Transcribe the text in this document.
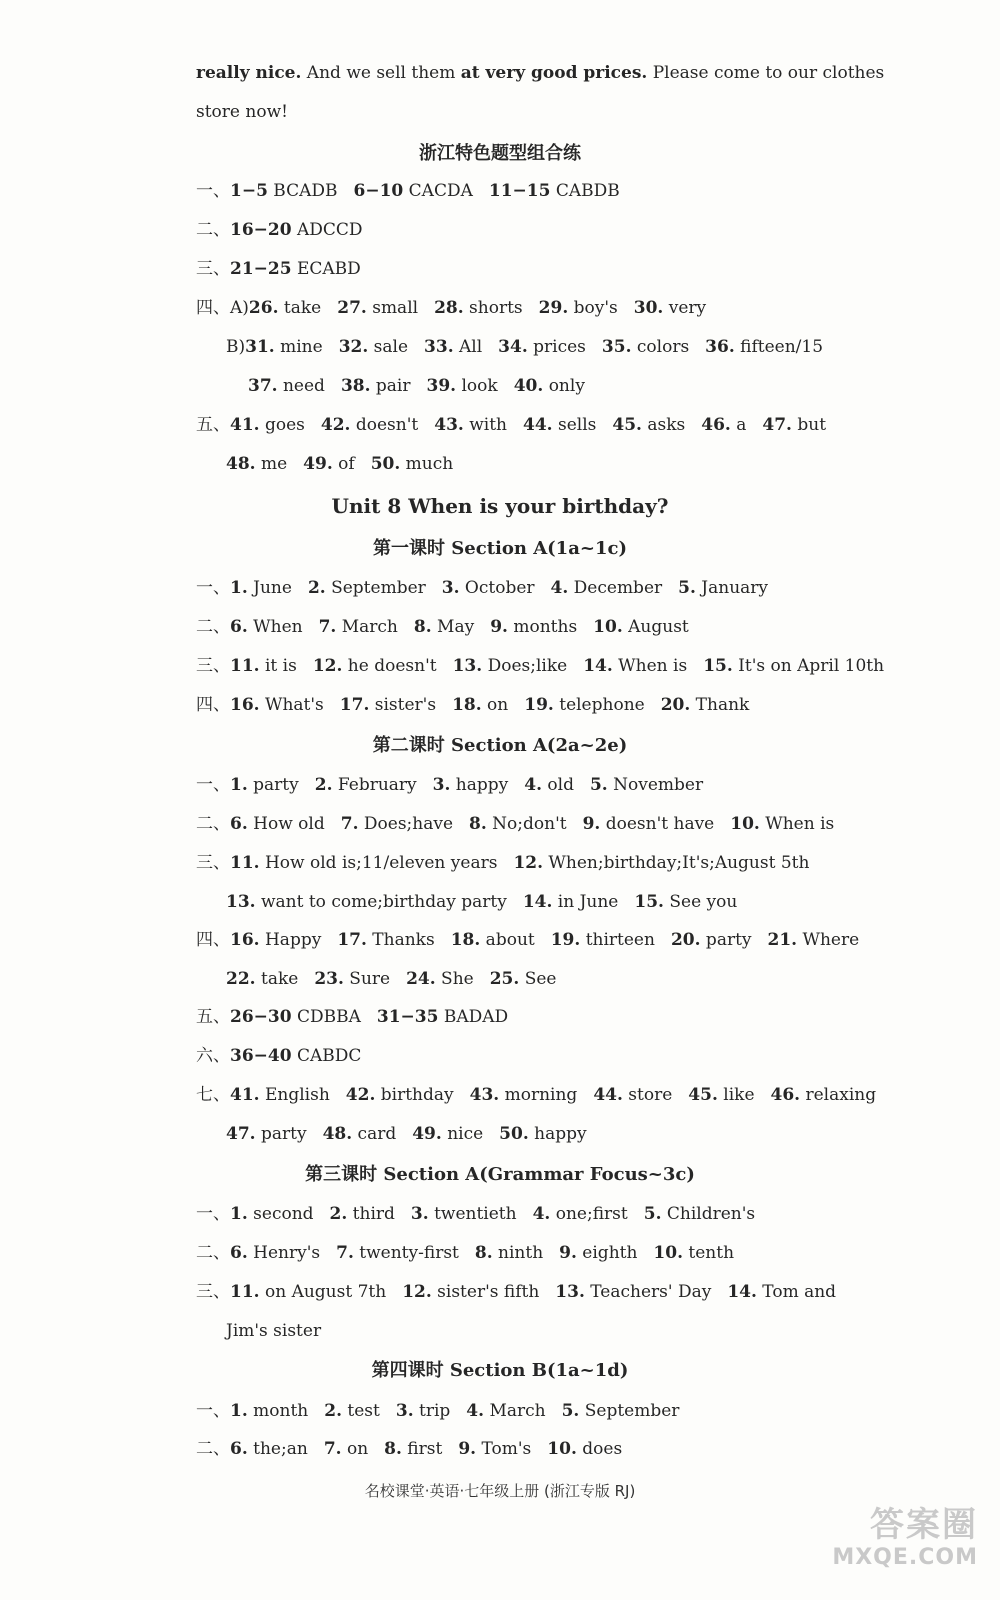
really nice. And we sell them at very good prices. Please come to our clothes
store now!
浙江特色题型组合练
一、1−5 BCADB 6−10 CACDA 11−15 CABDB
二、16−20 ADCCD
三、21−25 ECABD
四、A)26. take 27. small 28. shorts 29. boy's 30. very
B)31. mine 32. sale 33. All 34. prices 35. colors 36. fifteen/15
37. need 38. pair 39. look 40. only
五、41. goes 42. doesn't 43. with 44. sells 45. asks 46. a 47. but
48. me 49. of 50. much
Unit 8 When is your birthday?
第一课时 Section A(1a~1c)
一、1. June 2. September 3. October 4. December 5. January
二、6. When 7. March 8. May 9. months 10. August
三、11. it is 12. he doesn't 13. Does;like 14. When is 15. It's on April 10th
四、16. What's 17. sister's 18. on 19. telephone 20. Thank
第二课时 Section A(2a~2e)
一、1. party 2. February 3. happy 4. old 5. November
二、6. How old 7. Does;have 8. No;don't 9. doesn't have 10. When is
三、11. How old is;11/eleven years 12. When;birthday;It's;August 5th
13. want to come;birthday party 14. in June 15. See you
四、16. Happy 17. Thanks 18. about 19. thirteen 20. party 21. Where
22. take 23. Sure 24. She 25. See
五、26−30 CDBBA 31−35 BADAD
六、36−40 CABDC
七、41. English 42. birthday 43. morning 44. store 45. like 46. relaxing
47. party 48. card 49. nice 50. happy
第三课时 Section A(Grammar Focus~3c)
一、1. second 2. third 3. twentieth 4. one;first 5. Children's
二、6. Henry's 7. twenty-first 8. ninth 9. eighth 10. tenth
三、11. on August 7th 12. sister's fifth 13. Teachers' Day 14. Tom and
Jim's sister
第四课时 Section B(1a~1d)
一、1. month 2. test 3. trip 4. March 5. September
二、6. the;an 7. on 8. first 9. Tom's 10. does
名校课堂·英语·七年级上册 (浙江专版 RJ)
答案圈
MXQE.COM
